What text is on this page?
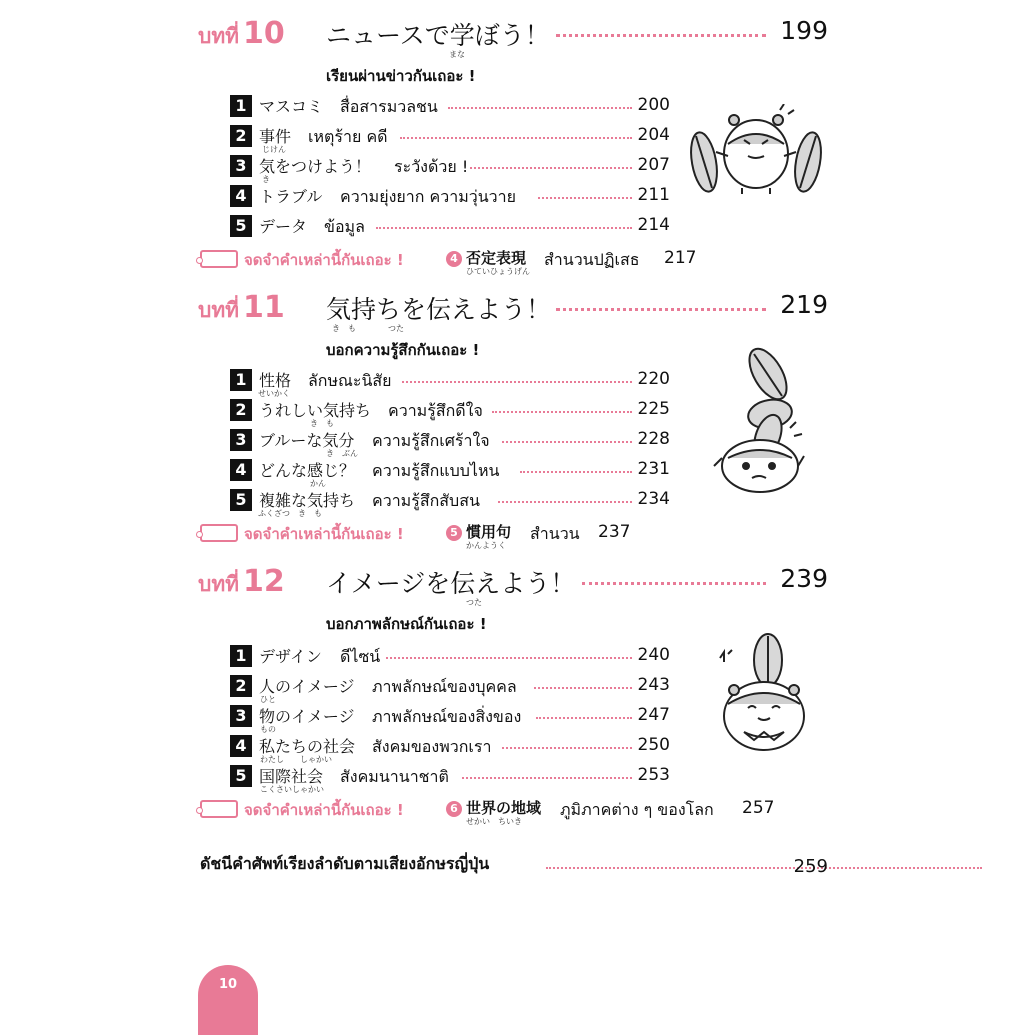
บทที่ 10 ニュースで学ぼう！
まな
199
เรียนผ่านข่าวกันเถอะ !
1 マスコミ สื่อสารมวลชน	200
2 事件
じけん
เหตุร้าย คดี	204
3 気をつけよう！
き
ระวังด้วย !	207
4 トラブル ความยุ่งยาก ความวุ่นวาย	211
5 データ ข้อมูล	214
จดจำคำเหล่านี้กันเถอะ !	4 否定表現
ひていひょうげん
สำนวนปฏิเสธ 217
บทที่ 11 気持ちを伝えよう！
き　も　　　　つた
219
บอกความรู้สึกกันเถอะ !
1 性格
せいかく
ลักษณะนิสัย	220
2 うれしい気持ち
き　も
ความรู้สึกดีใจ	225
3 ブルーな気分
き　ぶん
ความรู้สึกเศร้าใจ	228
4 どんな感じ？
かん
ความรู้สึกแบบไหน	231
5 複雑な気持ち
ふくざつ　き　も
ความรู้สึกสับสน	234
จดจำคำเหล่านี้กันเถอะ !	5 慣用句
かんようく
สำนวน 237
บทที่ 12 イメージを伝えよう！
つた
239
บอกภาพลักษณ์กันเถอะ !
1 デザイン ดีไซน์	240
2 人のイメージ
ひと
ภาพลักษณ์ของบุคคล	243
3 物のイメージ
もの
ภาพลักษณ์ของสิ่งของ	247
4 私たちの社会
わたし　　しゃかい
สังคมของพวกเรา	250
5 国際社会
こくさいしゃかい
สังคมนานาชาติ	253
จดจำคำเหล่านี้กันเถอะ !	6 世界の地域
せかい　ちいき
ภูมิภาคต่าง ๆ ของโลก 257
ดัชนีคำศัพท์เรียงลำดับตามเสียงอักษรญี่ปุ่น	259
10
